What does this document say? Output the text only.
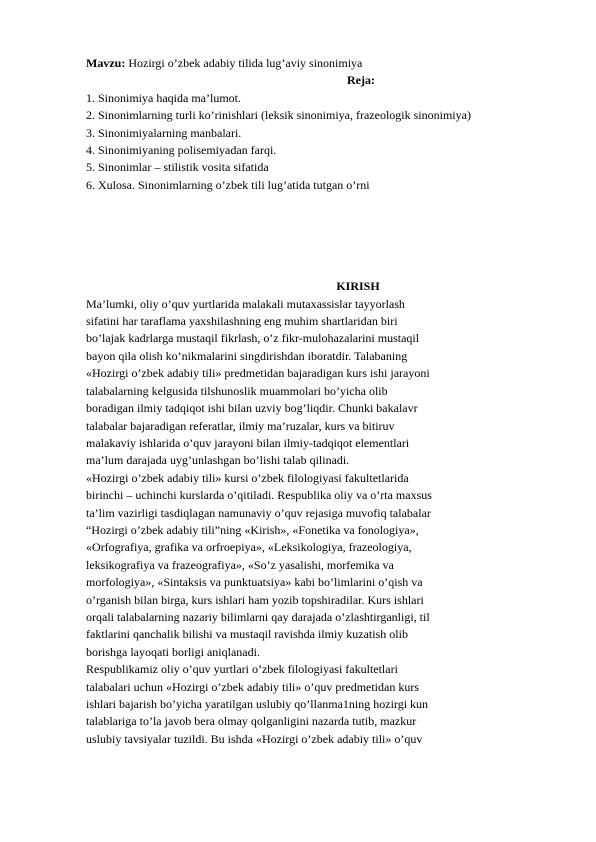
Mavzu: Hozirgi o’zbek adabiy tilida lug’aviy sinonimiya
Reja:
1. Sinonimiya haqida ma’lumot.
2. Sinonimlarning turli ko’rinishlari (leksik sinonimiya, frazeologik sinonimiya)
3. Sinonimiyalarning manbalari.
4. Sinonimiyaning polisemiyadan farqi.
5. Sinonimlar – stilistik vosita sifatida
6. Xulosa. Sinonimlarning o’zbek tili lug’atida tutgan o’rni
KIRISH
Ma’lumki, oliy o’quv yurtlarida malakali mutaxassislar tayyorlash
sifatini har taraflama yaxshilashning eng muhim shartlaridan biri
bo’lajak kadrlarga mustaqil fikrlash, o’z fikr-mulohazalarini mustaqil
bayon qila olish ko’nikmalarini singdirishdan iboratdir. Talabaning
«Hozirgi o’zbek adabiy tili» predmetidan bajaradigan kurs ishi jarayoni
talabalarning kelgusida tilshunoslik muammolari bo’yicha olib
boradigan ilmiy tadqiqot ishi bilan uzviy bog’liqdir. Chunki bakalavr
talabalar bajaradigan referatlar, ilmiy ma’ruzalar, kurs va bitiruv
malakaviy ishlarida o’quv jarayoni bilan ilmiy-tadqiqot elementlari
ma’lum darajada uyg’unlashgan bo’lishi talab qilinadi.
«Hozirgi o’zbek adabiy tili» kursi o’zbek filologiyasi fakultetlarida
birinchi – uchinchi kurslarda o’qitiladi. Respublika oliy va o’rta maxsus
ta’lim vazirligi tasdiqlagan namunaviy o’quv rejasiga muvofiq talabalar
“Hozirgi o’zbek adabiy tili”ning «Kirish», «Fonetika va fonologiya»,
«Orfografiya, grafika va orfroepiya», «Leksikologiya, frazeologiya,
leksikografiya va frazeografiya», «So’z yasalishi, morfemika va
morfologiya», «Sintaksis va punktuatsiya» kabi bo’limlarini o’qish va
o’rganish bilan birga, kurs ishlari ham yozib topshiradilar. Kurs ishlari
orqali talabalarning nazariy bilimlarni qay darajada o’zlashtirganligi, til
faktlarini qanchalik bilishi va mustaqil ravishda ilmiy kuzatish olib
borishga layoqati borligi aniqlanadi.
Respublikamiz oliy o’quv yurtlari o’zbek filologiyasi fakultetlari
talabalari uchun «Hozirgi o’zbek adabiy tili» o’quv predmetidan kurs
ishlari bajarish bo’yicha yaratilgan uslubiy qo’llanma1ning hozirgi kun
talablariga to’la javob bera olmay qolganligini nazarda tutib, mazkur
uslubiy tavsiyalar tuzildi. Bu ishda «Hozirgi o’zbek adabiy tili» o’quv
